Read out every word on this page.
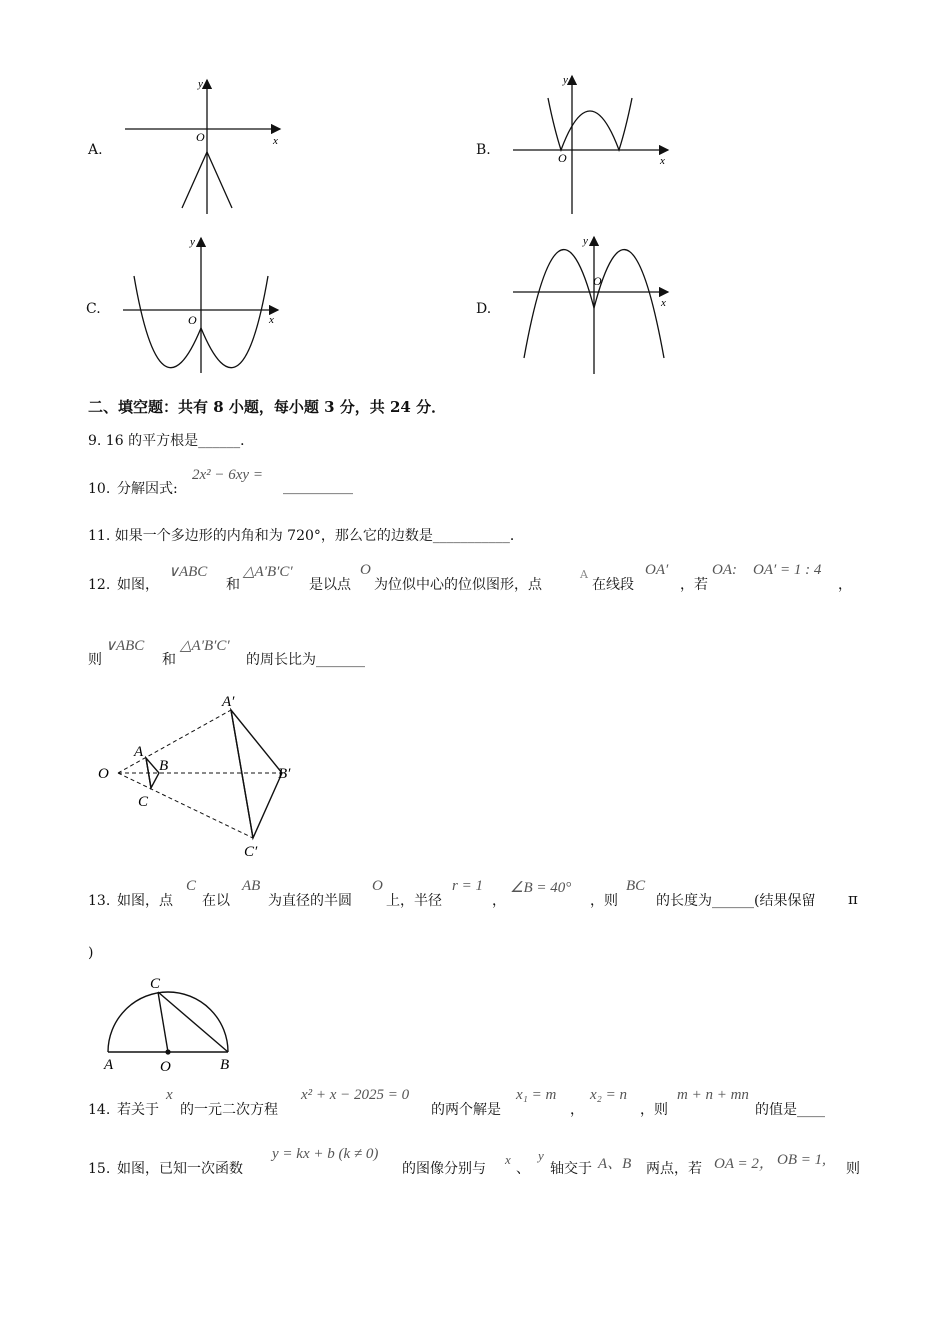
A.
y
O	x
B.
y
O	x
C.
y
O	x
D.
y
O
x
二、填空题：共有 8 小题，每小题 3 分，共 24 分．
9. 16 的平方根是______．
10. 分解因式:
2x² − 6xy =
__________
11. 如果一个多边形的内角和为 720°，那么它的边数是___________．
12. 如图，
∨ABC
和
△A′B′C′
是以点
O
为位似中心的位似图形，点
A
在线段
OA′
，若
OA: OA′ = 1 : 4
，
则
∨ABC
和
△A′B′C′
的周长比为_______
O
A
B
C
A′
B′
C′
13. 如图，点
C
在以
AB
为直径的半圆
O
上，半径
r = 1
，
∠B = 40°
，则
BC
的长度为______(结果保留 π
)
A	O	B
C
14. 若关于
x
的一元二次方程
x² + x − 2025 = 0
的两个解是
x₁ = m
，
x₂ = n
，则
m + n + mn
的值是____
15. 如图，已知一次函数
y = kx + b (k ≠ 0)
的图像分别与
x
、
y
轴交于 A、B 两点，若 OA = 2， OB = 1,
则
